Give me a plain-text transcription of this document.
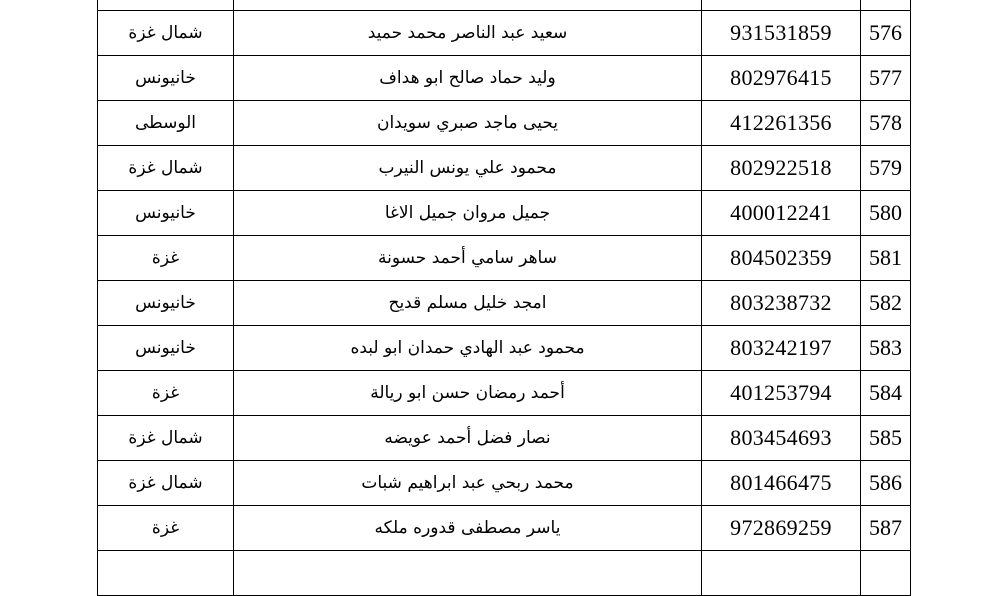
شمال غزة	سعيد عبد الناصر محمد حميد	931531859	576
خانيونس	وليد حماد صالح ابو هداف	802976415	577
الوسطى	يحيى ماجد صبري سويدان	412261356	578
شمال غزة	محمود علي يونس النيرب	802922518	579
خانيونس	جميل مروان جميل الاغا	400012241	580
غزة	ساهر سامي أحمد حسونة	804502359	581
خانيونس	امجد خليل مسلم قديح	803238732	582
خانيونس	محمود عبد الهادي حمدان ابو لبده	803242197	583
غزة	أحمد رمضان حسن ابو ريالة	401253794	584
شمال غزة	نصار فضل أحمد عويضه	803454693	585
شمال غزة	محمد ربحي عبد ابراهيم شبات	801466475	586
غزة	ياسر مصطفى قدوره ملكه	972869259	587
